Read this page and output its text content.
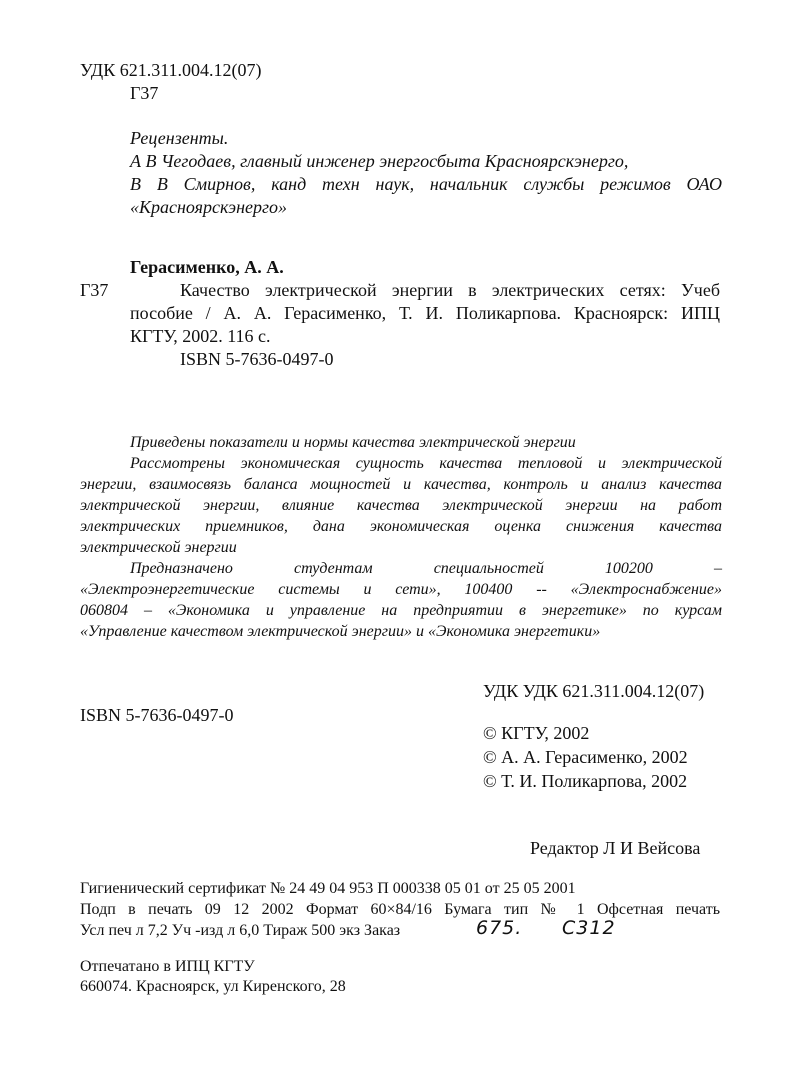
УДК 621.311.004.12(07)
Г37
Рецензенты.
А В Чегодаев, главный инженер энергосбыта Красноярскэнерго,
В В Смирнов, канд техн наук, начальник службы режимов ОАО
«Красноярскэнерго»
Герасименко, А. А.
Г37	Качество электрической энергии в электрических сетях: Учеб
пособие / А. А. Герасименко, Т. И. Поликарпова. Красноярск: ИПЦ
КГТУ, 2002. 116 с.
ISBN 5-7636-0497-0
Приведены показатели и нормы качества электрической энергии
Рассмотрены экономическая сущность качества тепловой и электрической
энергии, взаимосвязь баланса мощностей и качества, контроль и анализ качества
электрической энергии, влияние качества электрической энергии на работ
электрических приемников, дана экономическая оценка снижения качества
электрической энергии
Предназначено студентам специальностей 100200 –
«Электроэнергетические системы и сети», 100400 -- «Электроснабжение»
060804 – «Экономика и управление на предприятии в энергетике» по курсам
«Управление качеством электрической энергии» и «Экономика энергетики»
УДК УДК 621.311.004.12(07)
ISBN 5-7636-0497-0
© КГТУ, 2002
© А. А. Герасименко, 2002
© Т. И. Поликарпова, 2002
Редактор Л И Вейсова
Гигиенический сертификат № 24 49 04 953 П 000338 05 01 от 25 05 2001
Подп в печать 09 12 2002 Формат 60×84/16 Бумага тип № 1 Офсетная печать
Усл печ л 7,2 Уч -изд л 6,0 Тираж 500 экз Заказ	675. С312
Отпечатано в ИПЦ КГТУ
660074. Красноярск, ул Киренского, 28
